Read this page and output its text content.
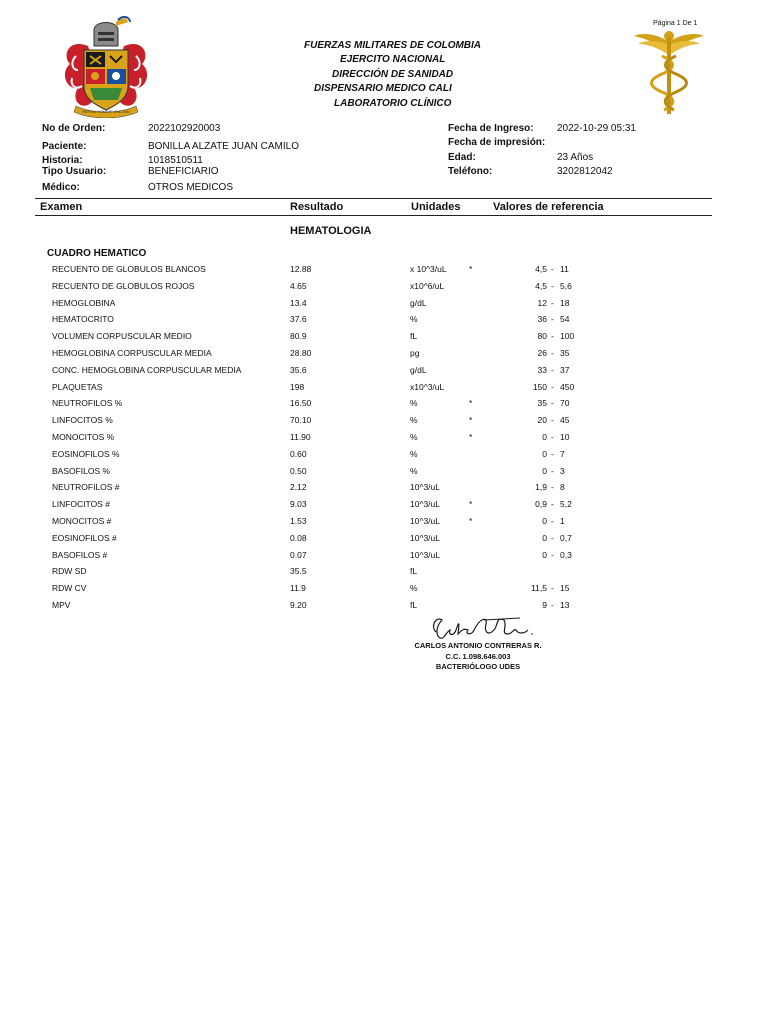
Página 1 De 1
PATRIA HONOR LEALTAD
FUERZAS MILITARES DE COLOMBIA
EJERCITO NACIONAL
DIRECCIÓN DE SANIDAD
DISPENSARIO MEDICO CALI
LABORATORIO CLÍNICO
No de Orden:	2022102920003
Paciente:	BONILLA ALZATE JUAN CAMILO
Historia:	1018510511
Tipo Usuario:	BENEFICIARIO
Médico:	OTROS MEDICOS
Fecha de Ingreso: 2022-10-29 05:31
Fecha de impresión:
Edad:	23 Años
Teléfono:	3202812042
Examen	Resultado	Unidades	Valores de referencia
HEMATOLOGIA
CUADRO HEMATICO
RECUENTO DE GLOBULOS BLANCOS	12.88	x 10^3/uL	*	4,5 - 11
RECUENTO DE GLOBULOS ROJOS	4.65	x10^6/uL	4,5 - 5,6
HEMOGLOBINA	13.4	g/dL	12 - 18
HEMATOCRITO	37.6	%	36 - 54
VOLUMEN CORPUSCULAR MEDIO	80.9	fL	80 - 100
HEMOGLOBINA CORPUSCULAR MEDIA	28.80	pg	26 - 35
CONC. HEMOGLOBINA CORPUSCULAR MEDIA	35.6	g/dL	33 - 37
PLAQUETAS	198	x10^3/uL	150 - 450
NEUTROFILOS %	16.50	%	*	35 - 70
LINFOCITOS %	70.10	%	*	20 - 45
MONOCITOS %	11.90	%	*	0 - 10
EOSINOFILOS %	0.60	%	0 - 7
BASOFILOS %	0.50	%	0 - 3
NEUTROFILOS #	2.12	10^3/uL	1,9 - 8
LINFOCITOS #	9.03	10^3/uL	*	0,9 - 5,2
MONOCITOS #	1.53	10^3/uL	*	0 - 1
EOSINOFILOS #	0.08	10^3/uL	0 - 0,7
BASOFILOS #	0.07	10^3/uL	0 - 0,3
RDW SD	35.5	fL
RDW CV	11.9	%	11,5 - 15
MPV	9.20	fL	9 - 13
CARLOS ANTONIO CONTRERAS R.
C.C. 1.098.646.003
BACTERIÓLOGO UDES
